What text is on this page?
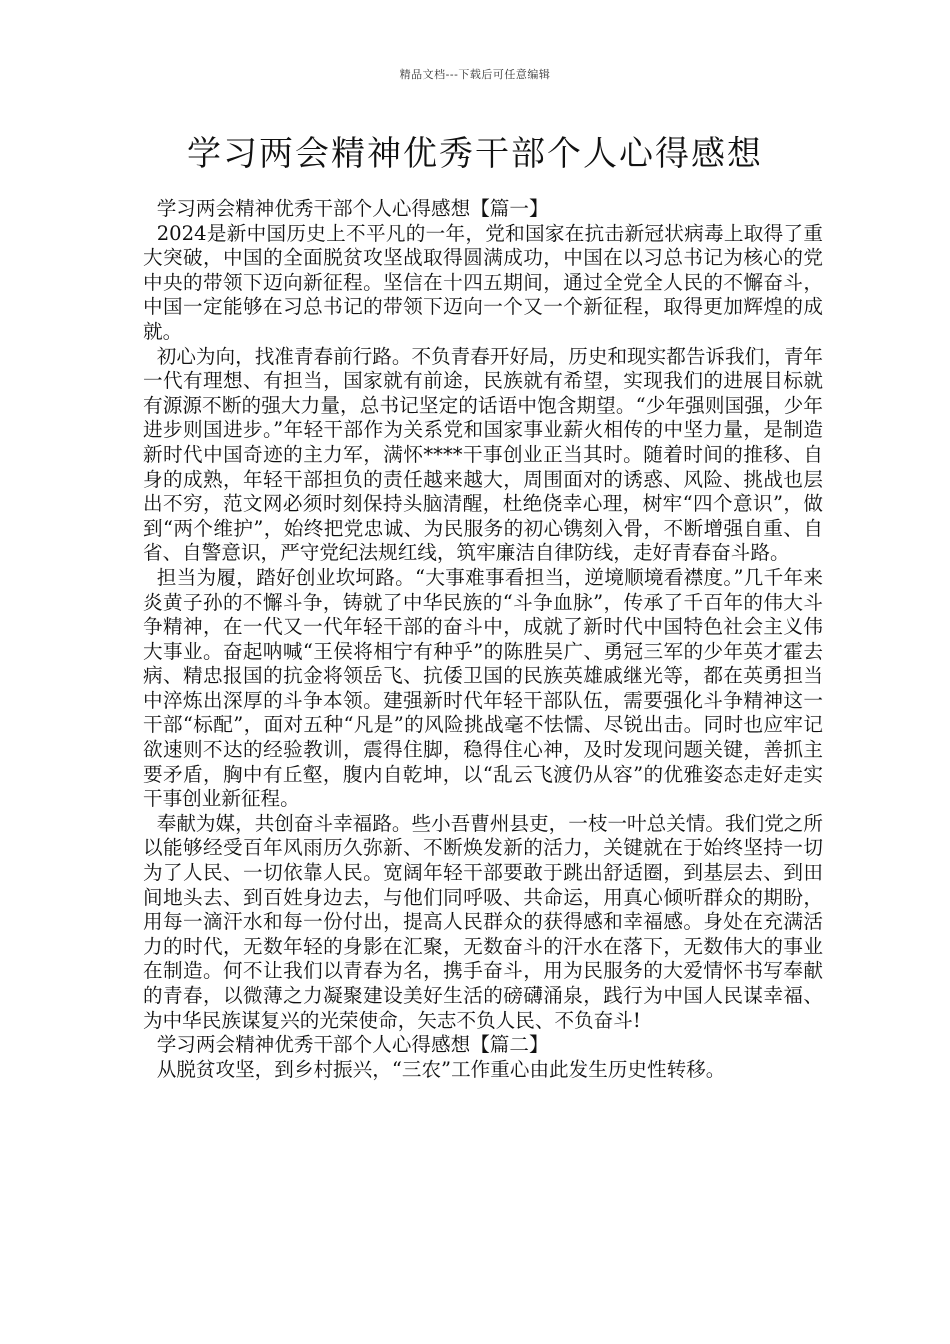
精品文档---下载后可任意编辑
学习两会精神优秀干部个人心得感想

学习两会精神优秀干部个人心得感想【篇一】

2024是新中国历史上不平凡的一年，党和国家在抗击新冠状病毒上取得了重大突破，中国的全面脱贫攻坚战取得圆满成功，中国在以习总书记为核心的党中央的带领下迈向新征程。坚信在十四五期间，通过全党全人民的不懈奋斗，中国一定能够在习总书记的带领下迈向一个又一个新征程，取得更加辉煌的成就。

初心为向，找准青春前行路。不负青春开好局，历史和现实都告诉我们，青年一代有理想、有担当，国家就有前途，民族就有希望，实现我们的进展目标就有源源不断的强大力量，总书记坚定的话语中饱含期望。“少年强则国强，少年进步则国进步。”年轻干部作为关系党和国家事业薪火相传的中坚力量，是制造新时代中国奇迹的主力军，满怀****干事创业正当其时。随着时间的推移、自身的成熟，年轻干部担负的责任越来越大，周围面对的诱惑、风险、挑战也层出不穷，范文网必须时刻保持头脑清醒，杜绝侥幸心理，树牢“四个意识”，做到“两个维护”，始终把党忠诚、为民服务的初心镌刻入骨，不断增强自重、自省、自警意识，严守党纪法规红线，筑牢廉洁自律防线，走好青春奋斗路。

担当为履，踏好创业坎坷路。“大事难事看担当，逆境顺境看襟度。”几千年来炎黄子孙的不懈斗争，铸就了中华民族的“斗争血脉”，传承了千百年的伟大斗争精神，在一代又一代年轻干部的奋斗中，成就了新时代中国特色社会主义伟大事业。奋起呐喊“王侯将相宁有种乎”的陈胜吴广、勇冠三军的少年英才霍去病、精忠报国的抗金将领岳飞、抗倭卫国的民族英雄戚继光等，都在英勇担当中淬炼出深厚的斗争本领。建强新时代年轻干部队伍，需要强化斗争精神这一干部“标配”，面对五种“凡是”的风险挑战毫不怯懦、尽锐出击。同时也应牢记欲速则不达的经验教训，震得住脚，稳得住心神，及时发现问题关键，善抓主要矛盾，胸中有丘壑，腹内自乾坤，以“乱云飞渡仍从容”的优雅姿态走好走实干事创业新征程。

奉献为媒，共创奋斗幸福路。些小吾曹州县吏，一枝一叶总关情。我们党之所以能够经受百年风雨历久弥新、不断焕发新的活力，关键就在于始终坚持一切为了人民、一切依靠人民。宽阔年轻干部要敢于跳出舒适圈，到基层去、到田间地头去、到百姓身边去，与他们同呼吸、共命运，用真心倾听群众的期盼，用每一滴汗水和每一份付出，提高人民群众的获得感和幸福感。身处在充满活力的时代，无数年轻的身影在汇聚，无数奋斗的汗水在落下，无数伟大的事业在制造。何不让我们以青春为名，携手奋斗，用为民服务的大爱情怀书写奉献的青春，以微薄之力凝聚建设美好生活的磅礴涌泉，践行为中国人民谋幸福、为中华民族谋复兴的光荣使命，矢志不负人民、不负奋斗!

学习两会精神优秀干部个人心得感想【篇二】

从脱贫攻坚，到乡村振兴，“三农”工作重心由此发生历史性转移。
